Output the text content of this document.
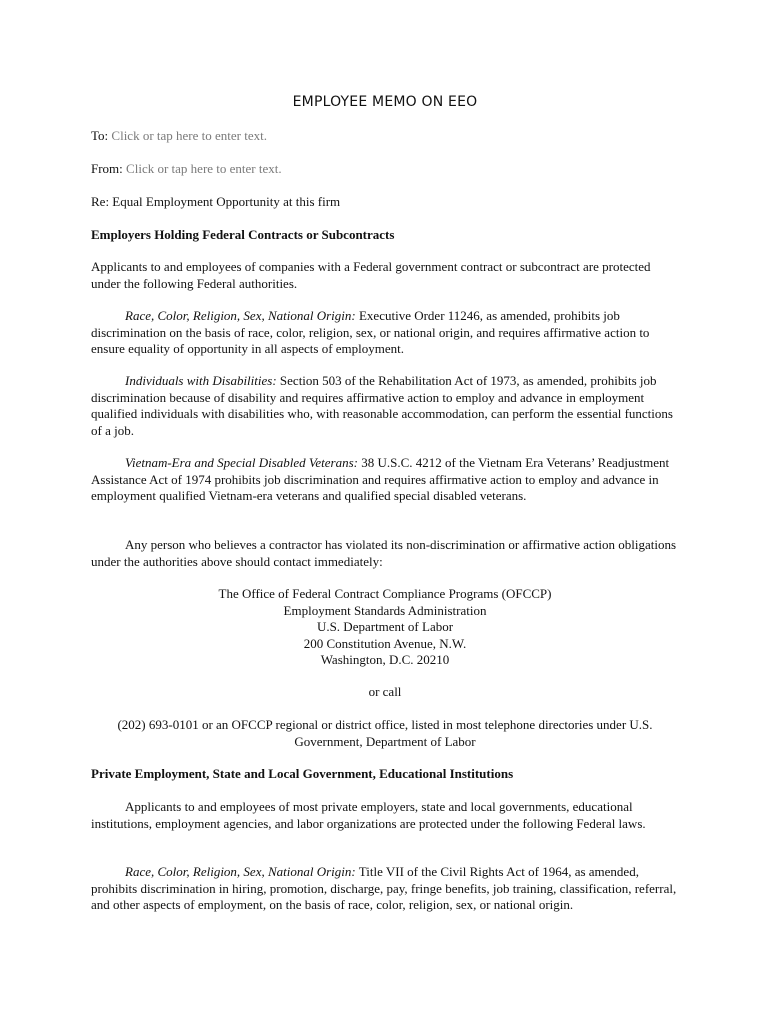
EMPLOYEE MEMO ON EEO
To: Click or tap here to enter text.
From: Click or tap here to enter text.
Re: Equal Employment Opportunity at this firm
Employers Holding Federal Contracts or Subcontracts
Applicants to and employees of companies with a Federal government contract or subcontract are protected under the following Federal authorities.
Race, Color, Religion, Sex, National Origin: Executive Order 11246, as amended, prohibits job discrimination on the basis of race, color, religion, sex, or national origin, and requires affirmative action to ensure equality of opportunity in all aspects of employment.
Individuals with Disabilities: Section 503 of the Rehabilitation Act of 1973, as amended, prohibits job discrimination because of disability and requires affirmative action to employ and advance in employment qualified individuals with disabilities who, with reasonable accommodation, can perform the essential functions of a job.
Vietnam-Era and Special Disabled Veterans: 38 U.S.C. 4212 of the Vietnam Era Veterans’ Readjustment Assistance Act of 1974 prohibits job discrimination and requires affirmative action to employ and advance in employment qualified Vietnam-era veterans and qualified special disabled veterans.
Any person who believes a contractor has violated its non-discrimination or affirmative action obligations under the authorities above should contact immediately:
The Office of Federal Contract Compliance Programs (OFCCP)
Employment Standards Administration
U.S. Department of Labor
200 Constitution Avenue, N.W.
Washington, D.C. 20210
or call
(202) 693-0101 or an OFCCP regional or district office, listed in most telephone directories under U.S. Government, Department of Labor
Private Employment, State and Local Government, Educational Institutions
Applicants to and employees of most private employers, state and local governments, educational institutions, employment agencies, and labor organizations are protected under the following Federal laws.
Race, Color, Religion, Sex, National Origin: Title VII of the Civil Rights Act of 1964, as amended, prohibits discrimination in hiring, promotion, discharge, pay, fringe benefits, job training, classification, referral, and other aspects of employment, on the basis of race, color, religion, sex, or national origin.
